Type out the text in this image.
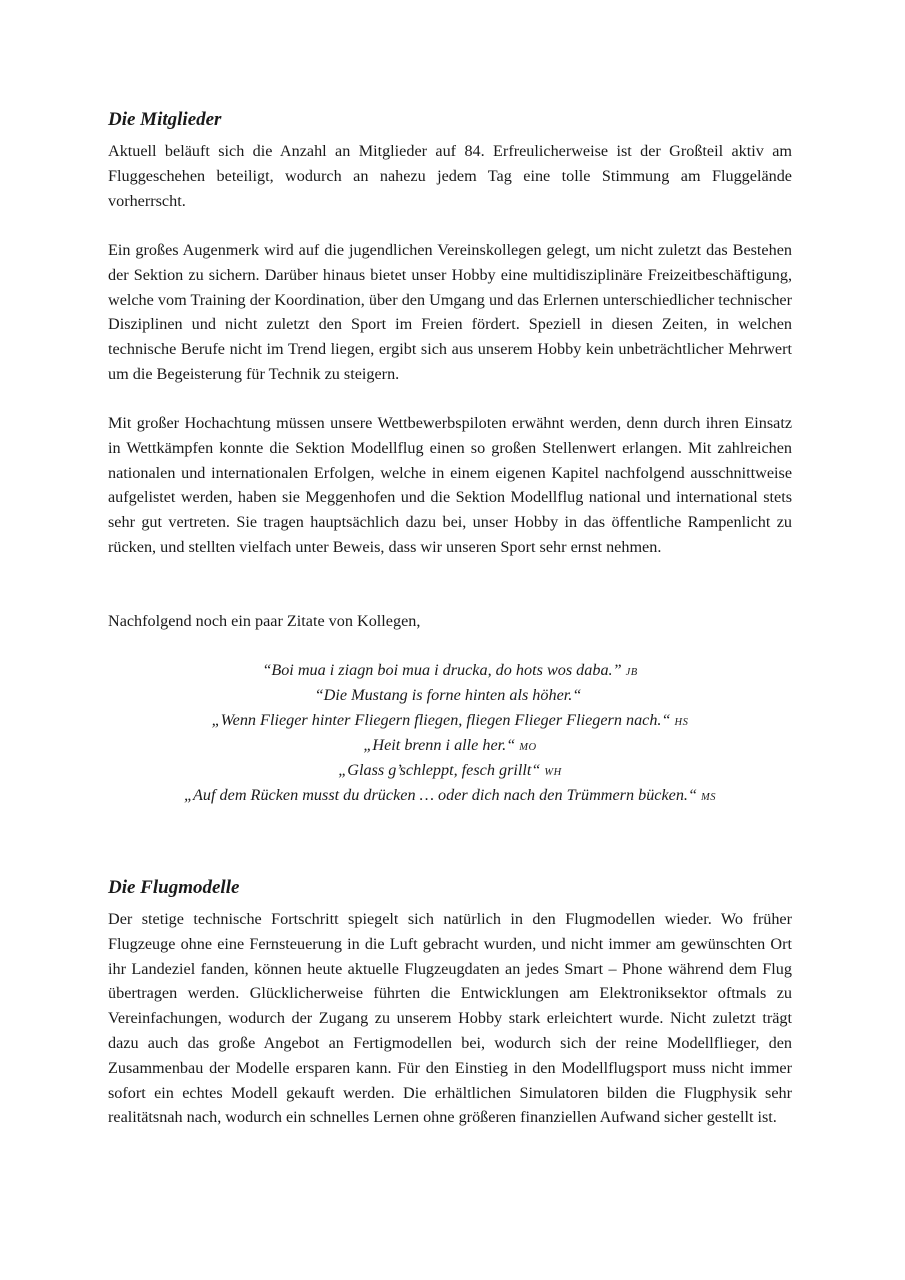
Die Mitglieder

Aktuell beläuft sich die Anzahl an Mitglieder auf 84. Erfreulicherweise ist der Großteil aktiv am Fluggeschehen beteiligt, wodurch an nahezu jedem Tag eine tolle Stimmung am Fluggelände vorherrscht.

Ein großes Augenmerk wird auf die jugendlichen Vereinskollegen gelegt, um nicht zuletzt das Bestehen der Sektion zu sichern. Darüber hinaus bietet unser Hobby eine multidisziplinäre Freizeitbeschäftigung, welche vom Training der Koordination, über den Umgang und das Erlernen unterschiedlicher technischer Disziplinen und nicht zuletzt den Sport im Freien fördert. Speziell in diesen Zeiten, in welchen technische Berufe nicht im Trend liegen, ergibt sich aus unserem Hobby kein unbeträchtlicher Mehrwert um die Begeisterung für Technik zu steigern.

Mit großer Hochachtung müssen unsere Wettbewerbspiloten erwähnt werden, denn durch ihren Einsatz in Wettkämpfen konnte die Sektion Modellflug einen so großen Stellenwert erlangen. Mit zahlreichen nationalen und internationalen Erfolgen, welche in einem eigenen Kapitel nachfolgend ausschnittweise aufgelistet werden, haben sie Meggenhofen und die Sektion Modellflug national und international stets sehr gut vertreten. Sie tragen hauptsächlich dazu bei, unser Hobby in das öffentliche Rampenlicht zu rücken, und stellten vielfach unter Beweis, dass wir unseren Sport sehr ernst nehmen.

Nachfolgend noch ein paar Zitate von Kollegen,

“Boi mua i ziagn boi mua i drucka, do hots wos daba.” JB
“Die Mustang is forne hinten als höher.“
„Wenn Flieger hinter Fliegern fliegen, fliegen Flieger Fliegern nach.“ HS
„Heit brenn i alle her.“ MO
„Glass g’schleppt, fesch grillt“ WH
„Auf dem Rücken musst du drücken … oder dich nach den Trümmern bücken.“ MS
Die Flugmodelle

Der stetige technische Fortschritt spiegelt sich natürlich in den Flugmodellen wieder. Wo früher Flugzeuge ohne eine Fernsteuerung in die Luft gebracht wurden, und nicht immer am gewünschten Ort ihr Landeziel fanden, können heute aktuelle Flugzeugdaten an jedes Smart – Phone während dem Flug übertragen werden. Glücklicherweise führten die Entwicklungen am Elektroniksektor oftmals zu Vereinfachungen, wodurch der Zugang zu unserem Hobby stark erleichtert wurde. Nicht zuletzt trägt dazu auch das große Angebot an Fertigmodellen bei, wodurch sich der reine Modellflieger, den Zusammenbau der Modelle ersparen kann. Für den Einstieg in den Modellflugsport muss nicht immer sofort ein echtes Modell gekauft werden. Die erhältlichen Simulatoren bilden die Flugphysik sehr realitätsnah nach, wodurch ein schnelles Lernen ohne größeren finanziellen Aufwand sicher gestellt ist.
